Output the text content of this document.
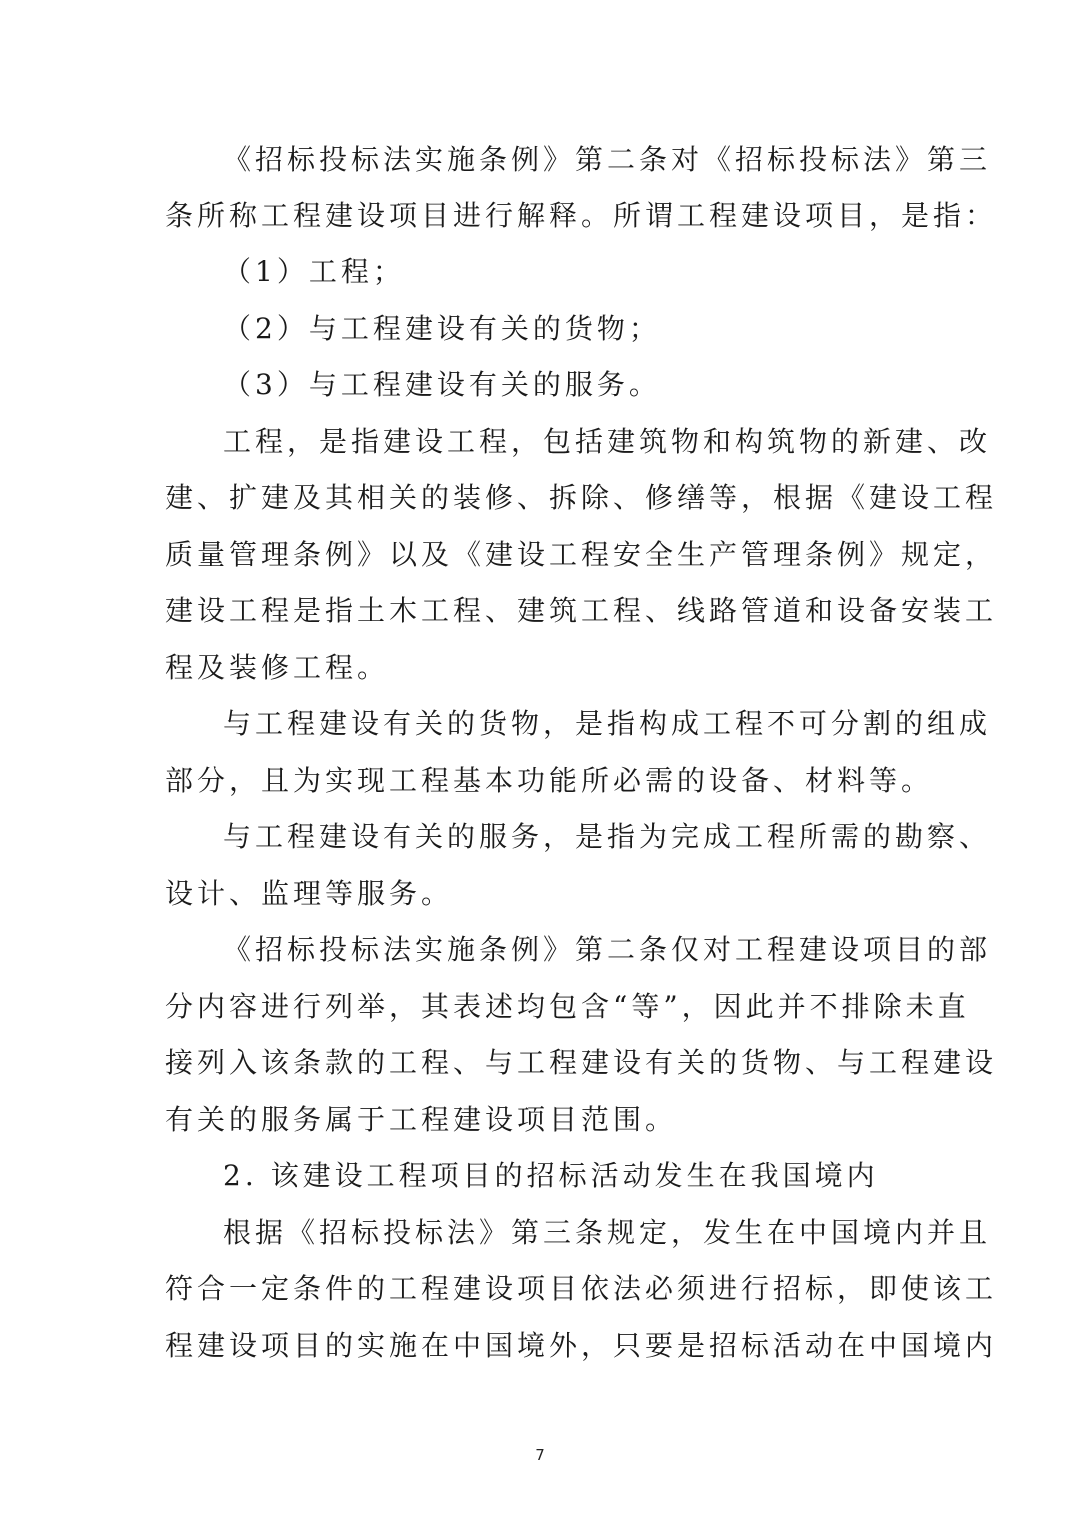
《招标投标法实施条例》第二条对《招标投标法》第三
条所称工程建设项目进行解释。所谓工程建设项目，是指：
（1）工程；
（2）与工程建设有关的货物；
（3）与工程建设有关的服务。
工程，是指建设工程，包括建筑物和构筑物的新建、改
建、扩建及其相关的装修、拆除、修缮等，根据《建设工程
质量管理条例》以及《建设工程安全生产管理条例》规定，
建设工程是指土木工程、建筑工程、线路管道和设备安装工
程及装修工程。
与工程建设有关的货物，是指构成工程不可分割的组成
部分，且为实现工程基本功能所必需的设备、材料等。
与工程建设有关的服务，是指为完成工程所需的勘察、
设计、监理等服务。
《招标投标法实施条例》第二条仅对工程建设项目的部
分内容进行列举，其表述均包含“等”，因此并不排除未直
接列入该条款的工程、与工程建设有关的货物、与工程建设
有关的服务属于工程建设项目范围。
2. 该建设工程项目的招标活动发生在我国境内
根据《招标投标法》第三条规定，发生在中国境内并且
符合一定条件的工程建设项目依法必须进行招标，即使该工
程建设项目的实施在中国境外，只要是招标活动在中国境内
7
